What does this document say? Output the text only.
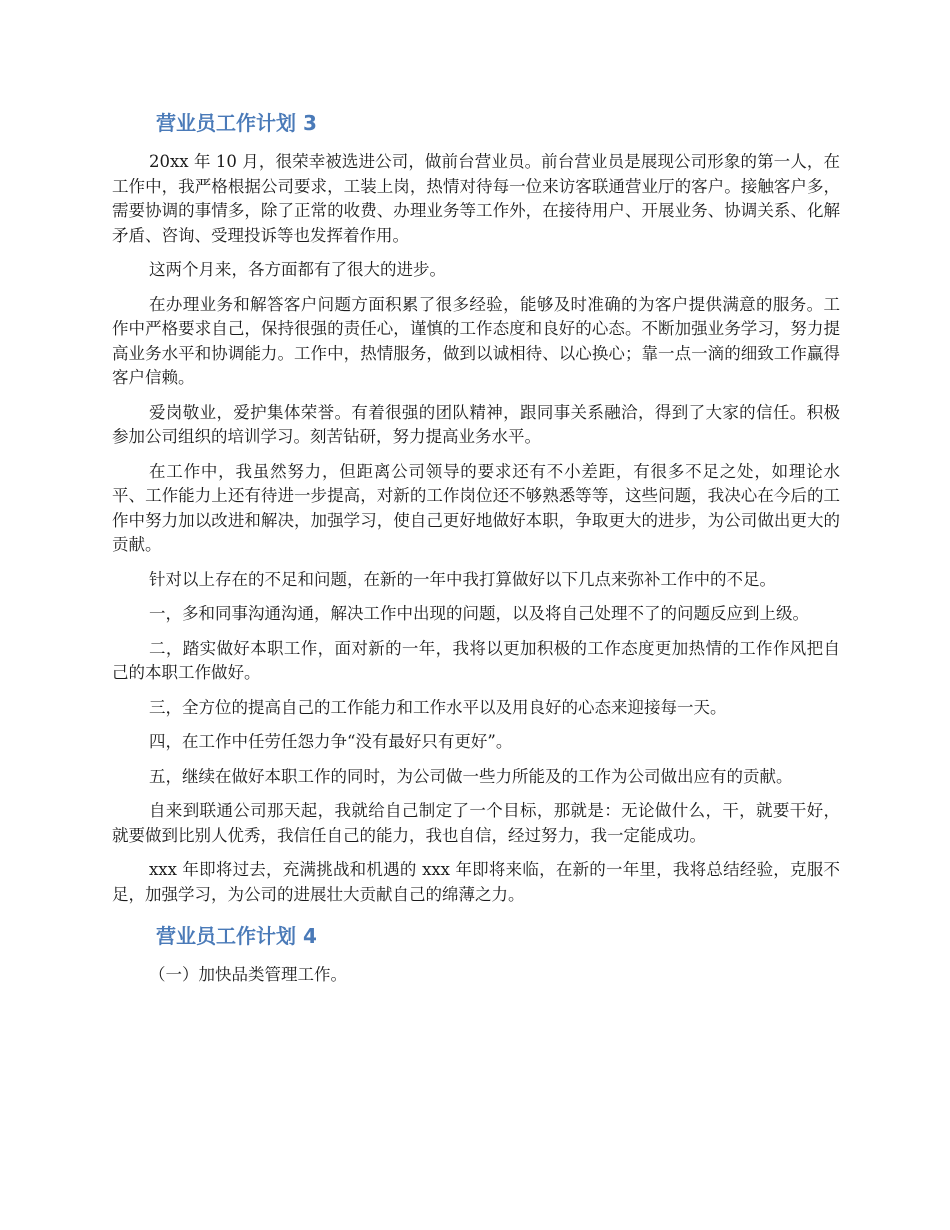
营业员工作计划 3

20xx 年 10 月，很荣幸被选进公司，做前台营业员。前台营业员是展现公司形象的第一人，在工作中，我严格根据公司要求，工装上岗，热情对待每一位来访客联通营业厅的客户。接触客户多，需要协调的事情多，除了正常的收费、办理业务等工作外，在接待用户、开展业务、协调关系、化解矛盾、咨询、受理投诉等也发挥着作用。

这两个月来，各方面都有了很大的进步。

在办理业务和解答客户问题方面积累了很多经验，能够及时准确的为客户提供满意的服务。工作中严格要求自己，保持很强的责任心，谨慎的工作态度和良好的心态。不断加强业务学习，努力提高业务水平和协调能力。工作中，热情服务，做到以诚相待、以心换心；靠一点一滴的细致工作赢得客户信赖。

爱岗敬业，爱护集体荣誉。有着很强的团队精神，跟同事关系融洽，得到了大家的信任。积极参加公司组织的培训学习。刻苦钻研，努力提高业务水平。

在工作中，我虽然努力，但距离公司领导的要求还有不小差距，有很多不足之处，如理论水平、工作能力上还有待进一步提高，对新的工作岗位还不够熟悉等等，这些问题，我决心在今后的工作中努力加以改进和解决，加强学习，使自己更好地做好本职，争取更大的进步，为公司做出更大的贡献。

针对以上存在的不足和问题，在新的一年中我打算做好以下几点来弥补工作中的不足。

一，多和同事沟通沟通，解决工作中出现的问题，以及将自己处理不了的问题反应到上级。

二，踏实做好本职工作，面对新的一年，我将以更加积极的工作态度更加热情的工作作风把自己的本职工作做好。

三，全方位的提高自己的工作能力和工作水平以及用良好的心态来迎接每一天。

四，在工作中任劳任怨力争“没有最好只有更好”。

五，继续在做好本职工作的同时，为公司做一些力所能及的工作为公司做出应有的贡献。

自来到联通公司那天起，我就给自己制定了一个目标，那就是：无论做什么，干，就要干好，就要做到比别人优秀，我信任自己的能力，我也自信，经过努力，我一定能成功。

xxx 年即将过去，充满挑战和机遇的 xxx 年即将来临，在新的一年里，我将总结经验，克服不足，加强学习，为公司的进展壮大贡献自己的绵薄之力。

营业员工作计划 4

（一）加快品类管理工作。
